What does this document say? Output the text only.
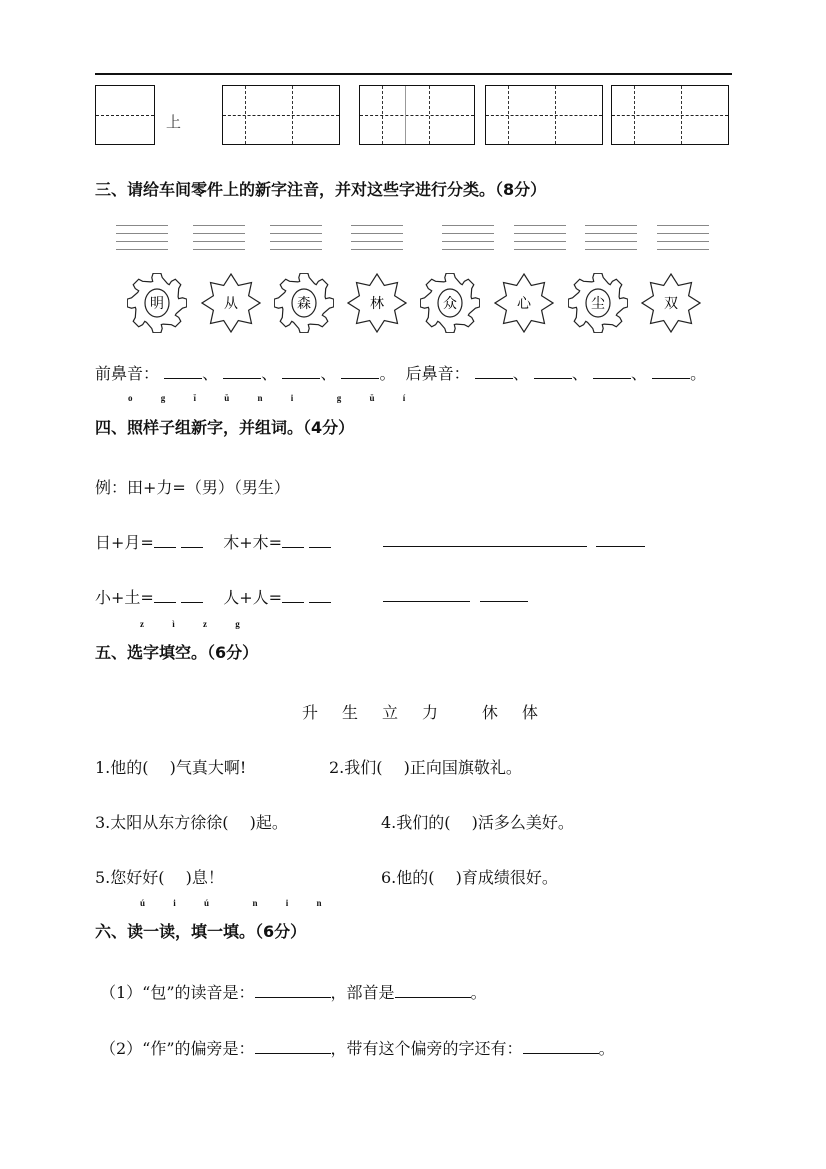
上
三、请给车间零件上的新字注音，并对这些字进行分类。（8分）
前鼻音：	、	、	、	。 后鼻音：	、	、	、	。
o g ĭ ŭ n i  g ŭ í
四、照样子组新字，并组词。（4分）
例：田+力=（男）（男生）
日+月=	木+木=
小+土=	人+人=
z ì z g
五、选字填空。（6分）
升　生　立　力　　休　体
1.他的(　 )气真大啊!	2.我们(　 )正向国旗敬礼。
3.太阳从东方徐徐(　 )起。	4.我们的(　 )活多么美好。
5.您好好(　 )息！	6.他的(　 )育成绩很好。
ú i ú  n i n
六、读一读，填一填。（6分）
（1）“包”的读音是：	，部首是	。
（2）“作”的偏旁是：	，带有这个偏旁的字还有：	。
明	从	森	林	众	心	尘	双
